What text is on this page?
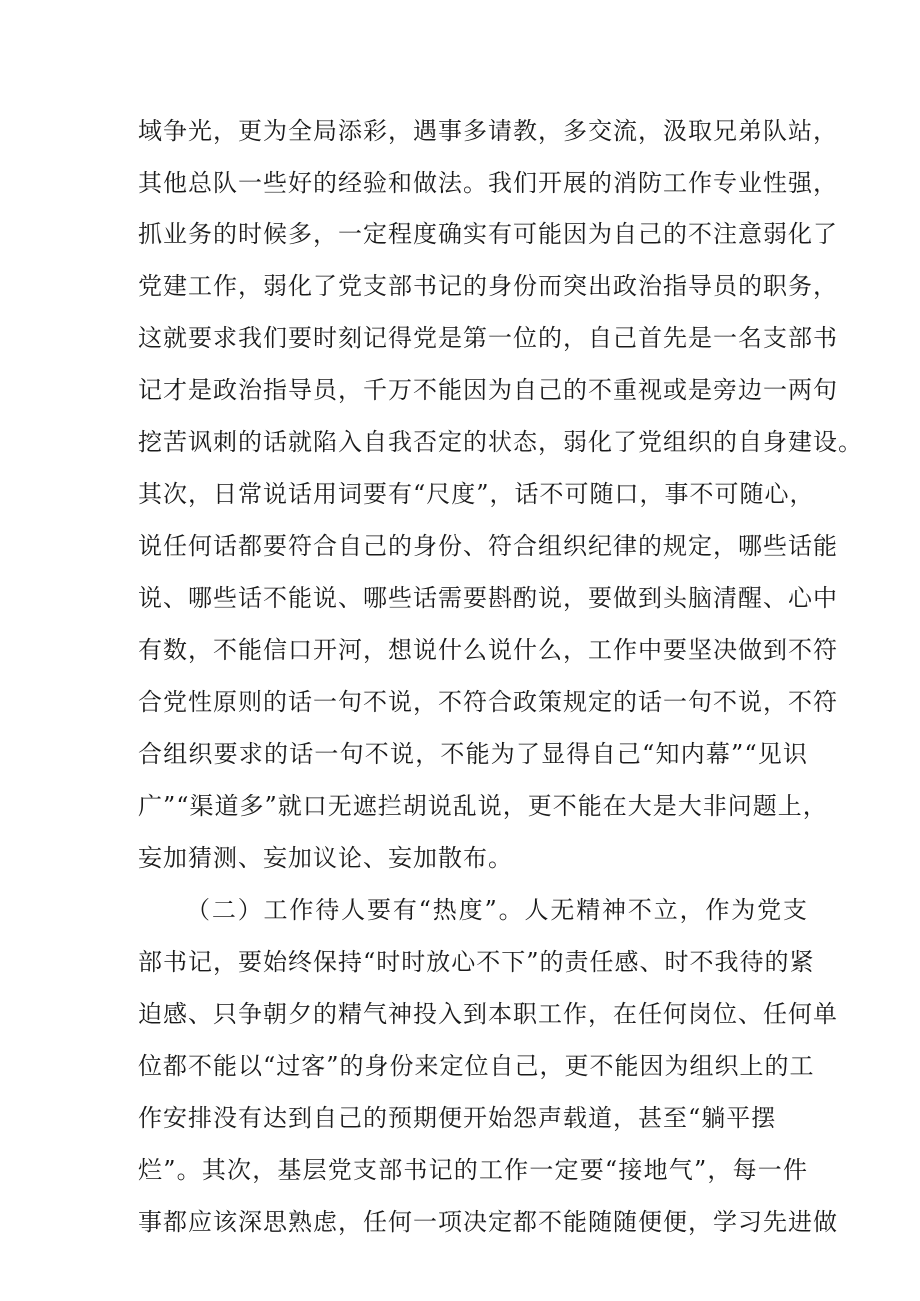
域争光，更为全局添彩，遇事多请教，多交流，汲取兄弟队站，
其他总队一些好的经验和做法。我们开展的消防工作专业性强，
抓业务的时候多，一定程度确实有可能因为自己的不注意弱化了
党建工作，弱化了党支部书记的身份而突出政治指导员的职务，
这就要求我们要时刻记得党是第一位的，自己首先是一名支部书
记才是政治指导员，千万不能因为自己的不重视或是旁边一两句
挖苦讽刺的话就陷入自我否定的状态，弱化了党组织的自身建设。
其次，日常说话用词要有“尺度”，话不可随口，事不可随心，
说任何话都要符合自己的身份、符合组织纪律的规定，哪些话能
说、哪些话不能说、哪些话需要斟酌说，要做到头脑清醒、心中
有数，不能信口开河，想说什么说什么，工作中要坚决做到不符
合党性原则的话一句不说，不符合政策规定的话一句不说，不符
合组织要求的话一句不说，不能为了显得自己“知内幕”“见识
广”“渠道多”就口无遮拦胡说乱说，更不能在大是大非问题上，
妄加猜测、妄加议论、妄加散布。
（二）工作待人要有“热度”。人无精神不立，作为党支
部书记，要始终保持“时时放心不下”的责任感、时不我待的紧
迫感、只争朝夕的精气神投入到本职工作，在任何岗位、任何单
位都不能以“过客”的身份来定位自己，更不能因为组织上的工
作安排没有达到自己的预期便开始怨声载道，甚至“躺平摆
烂”。其次，基层党支部书记的工作一定要“接地气”，每一件
事都应该深思熟虑，任何一项决定都不能随随便便，学习先进做
